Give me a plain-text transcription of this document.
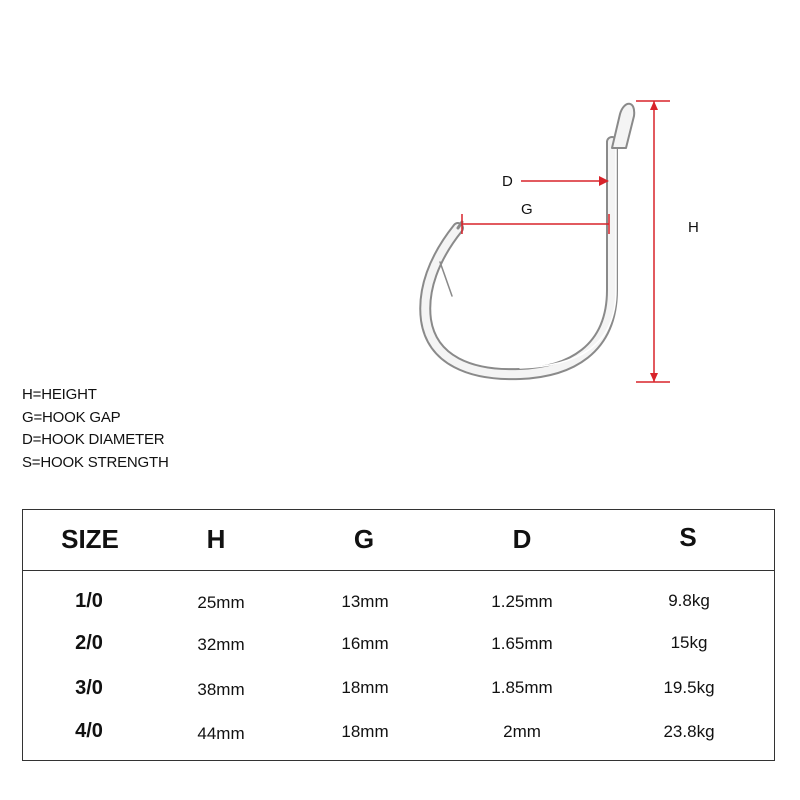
D
G
H
H=HEIGHT
G=HOOK GAP
D=HOOK DIAMETER
S=HOOK STRENGTH
SIZE	H	G	D	S
1/0	25mm	13mm	1.25mm	9.8kg
2/0	32mm	16mm	1.65mm	15kg
3/0	38mm	18mm	1.85mm	19.5kg
4/0	44mm	18mm	2mm	23.8kg
